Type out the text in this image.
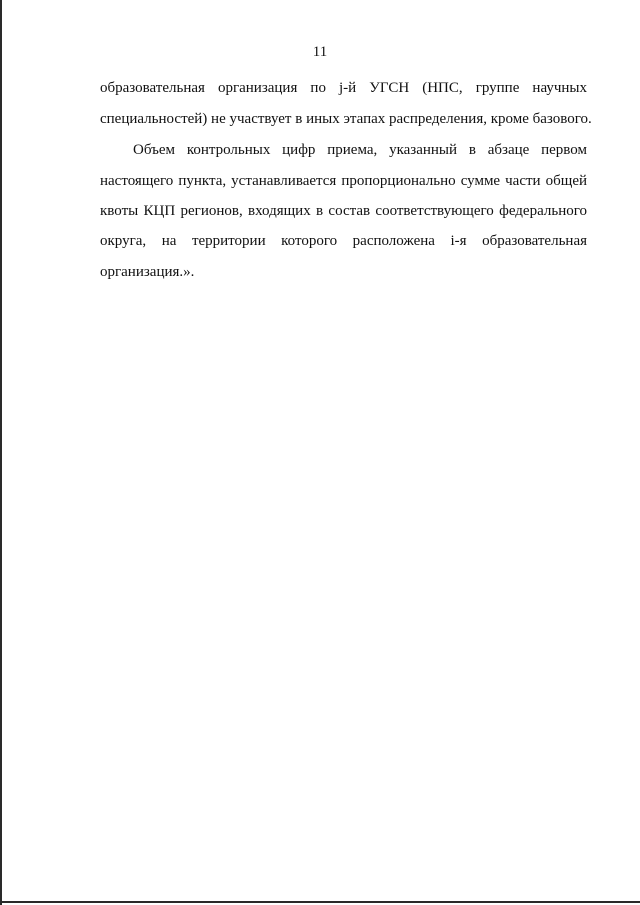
11
образовательная организация по j-й УГСН (НПС, группе научных
специальностей) не участвует в иных этапах распределения, кроме базового.
Объем контрольных цифр приема, указанный в абзаце первом
настоящего пункта, устанавливается пропорционально сумме части общей
квоты КЦП регионов, входящих в состав соответствующего федерального
округа, на территории которого расположена i-я образовательная
организация.».
